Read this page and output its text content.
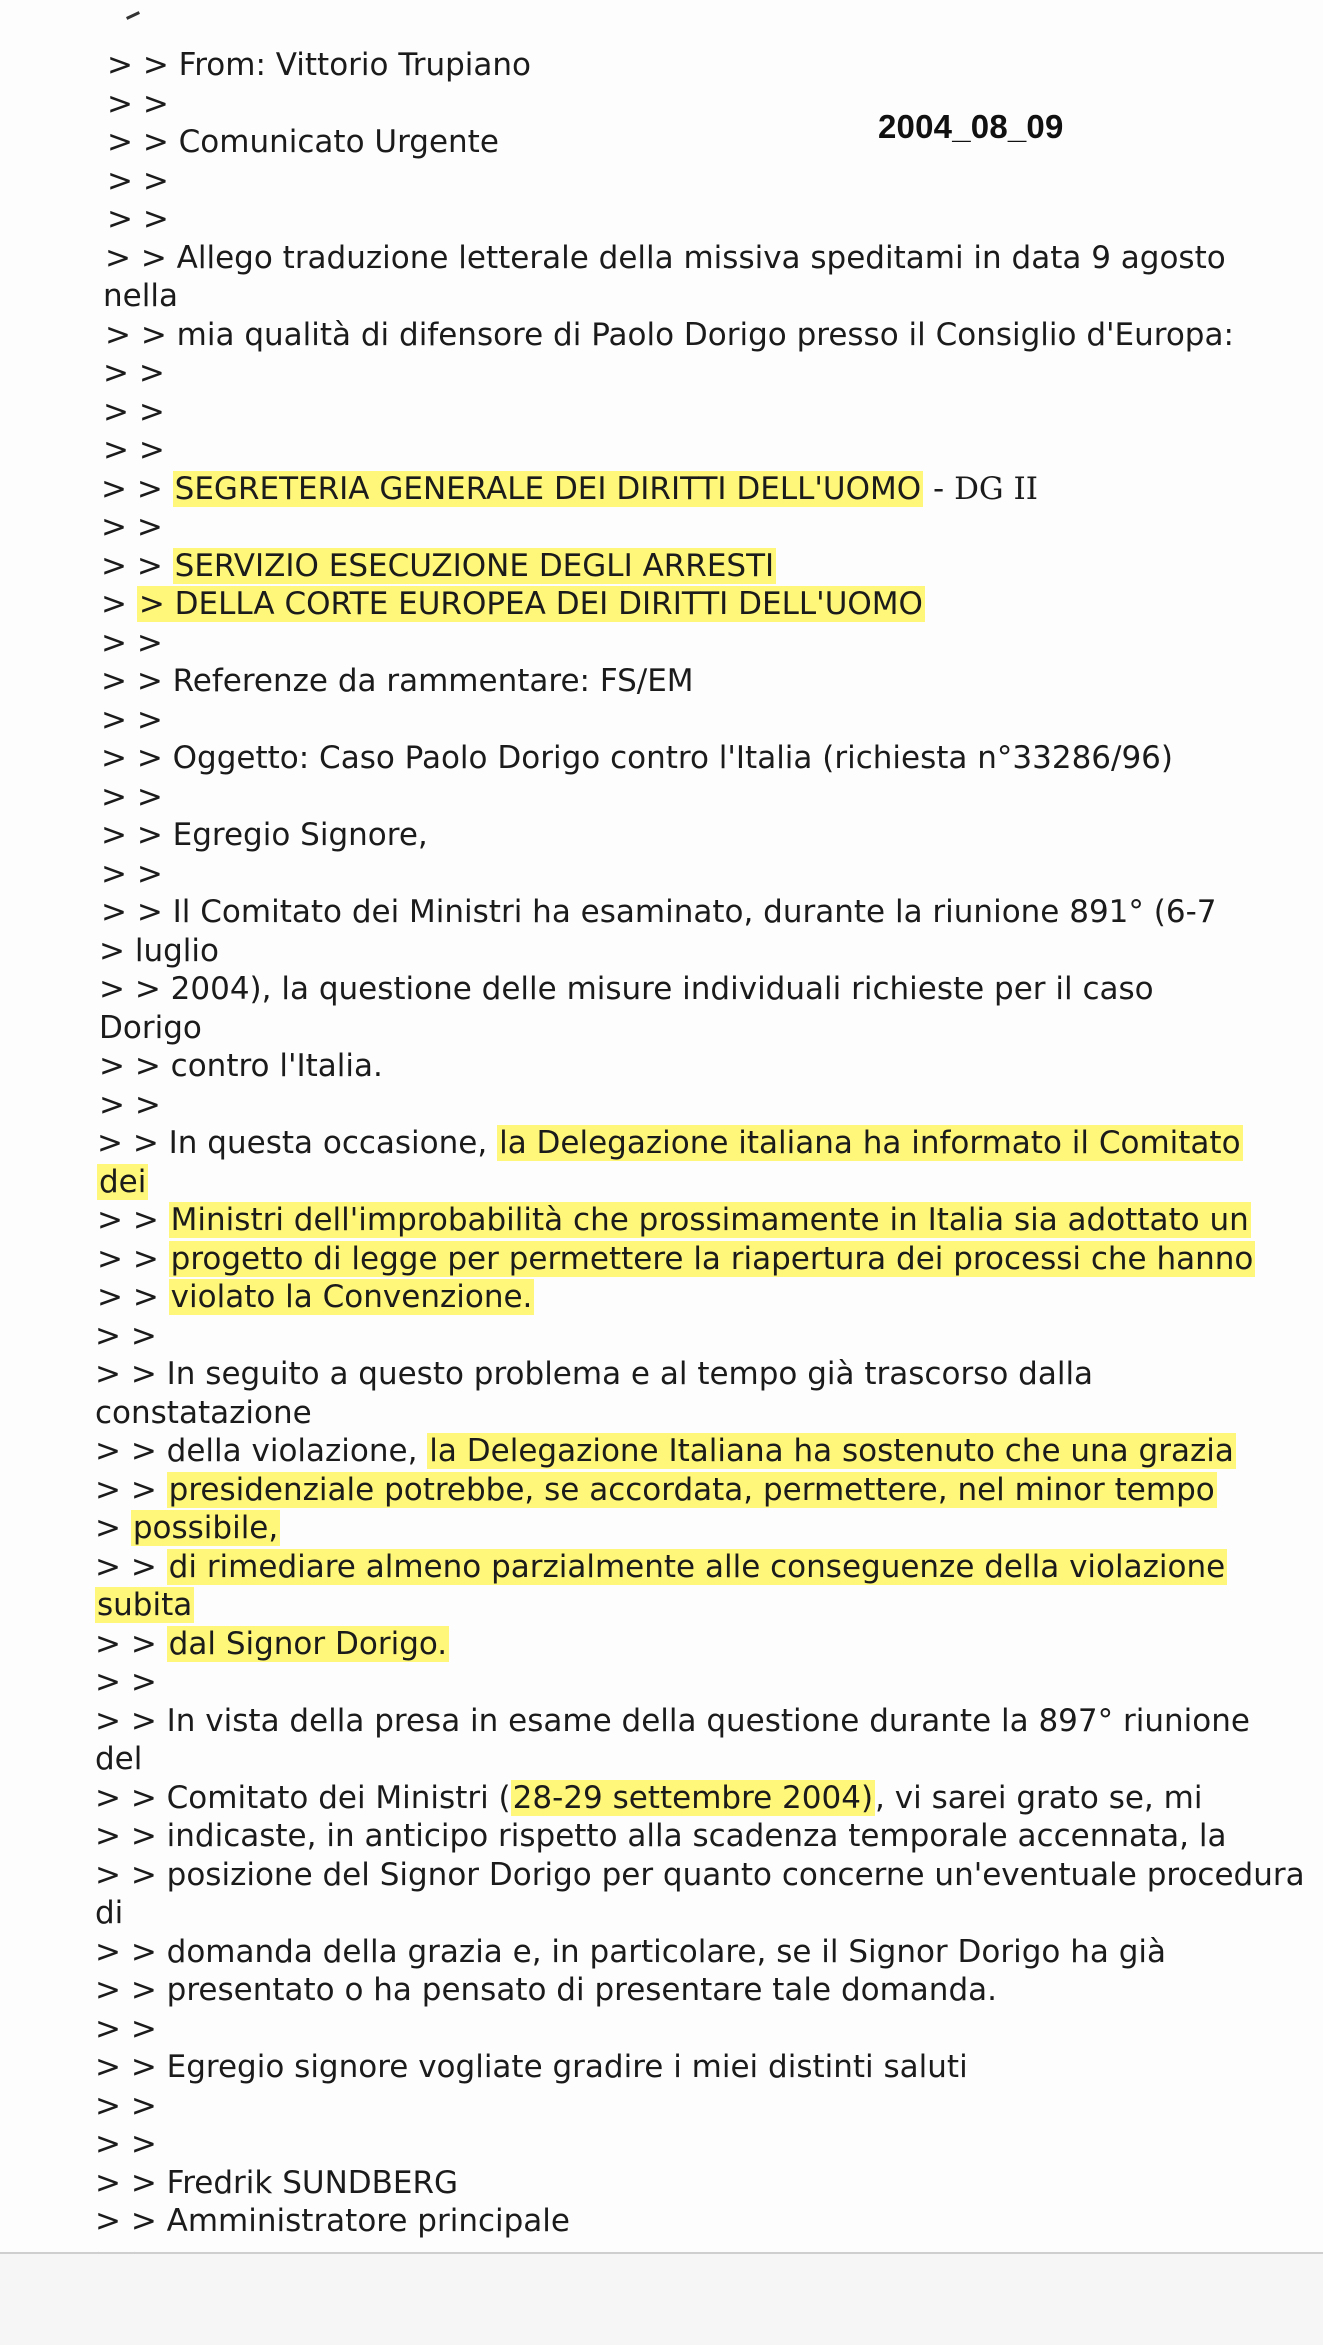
2004_08_09
> > From: Vittorio Trupiano
> >
> > Comunicato Urgente
> >
> >
> > Allego traduzione letterale della missiva speditami in data 9 agosto
nella
> > mia qualità di difensore di Paolo Dorigo presso il Consiglio d'Europa:
> >
> >
> >
> > SEGRETERIA GENERALE DEI DIRITTI DELL'UOMO - DG II
> >
> > SERVIZIO ESECUZIONE DEGLI ARRESTI
> > DELLA CORTE EUROPEA DEI DIRITTI DELL'UOMO
> >
> > Referenze da rammentare: FS/EM
> >
> > Oggetto: Caso Paolo Dorigo contro l'Italia (richiesta n°33286/96)
> >
> > Egregio Signore,
> >
> > Il Comitato dei Ministri ha esaminato, durante la riunione 891° (6-7
> luglio
> > 2004), la questione delle misure individuali richieste per il caso
Dorigo
> > contro l'Italia.
> >
> > In questa occasione, la Delegazione italiana ha informato il Comitato
dei
> > Ministri dell'improbabilità che prossimamente in Italia sia adottato un
> > progetto di legge per permettere la riapertura dei processi che hanno
> > violato la Convenzione.
> >
> > In seguito a questo problema e al tempo già trascorso dalla
constatazione
> > della violazione, la Delegazione Italiana ha sostenuto che una grazia
> > presidenziale potrebbe, se accordata, permettere, nel minor tempo
> possibile,
> > di rimediare almeno parzialmente alle conseguenze della violazione
subita
> > dal Signor Dorigo.
> >
> > In vista della presa in esame della questione durante la 897° riunione
del
> > Comitato dei Ministri (28-29 settembre 2004), vi sarei grato se, mi
> > indicaste, in anticipo rispetto alla scadenza temporale accennata, la
> > posizione del Signor Dorigo per quanto concerne un'eventuale procedura
di
> > domanda della grazia e, in particolare, se il Signor Dorigo ha già
> > presentato o ha pensato di presentare tale domanda.
> >
> > Egregio signore vogliate gradire i miei distinti saluti
> >
> >
> > Fredrik SUNDBERG
> > Amministratore principale
